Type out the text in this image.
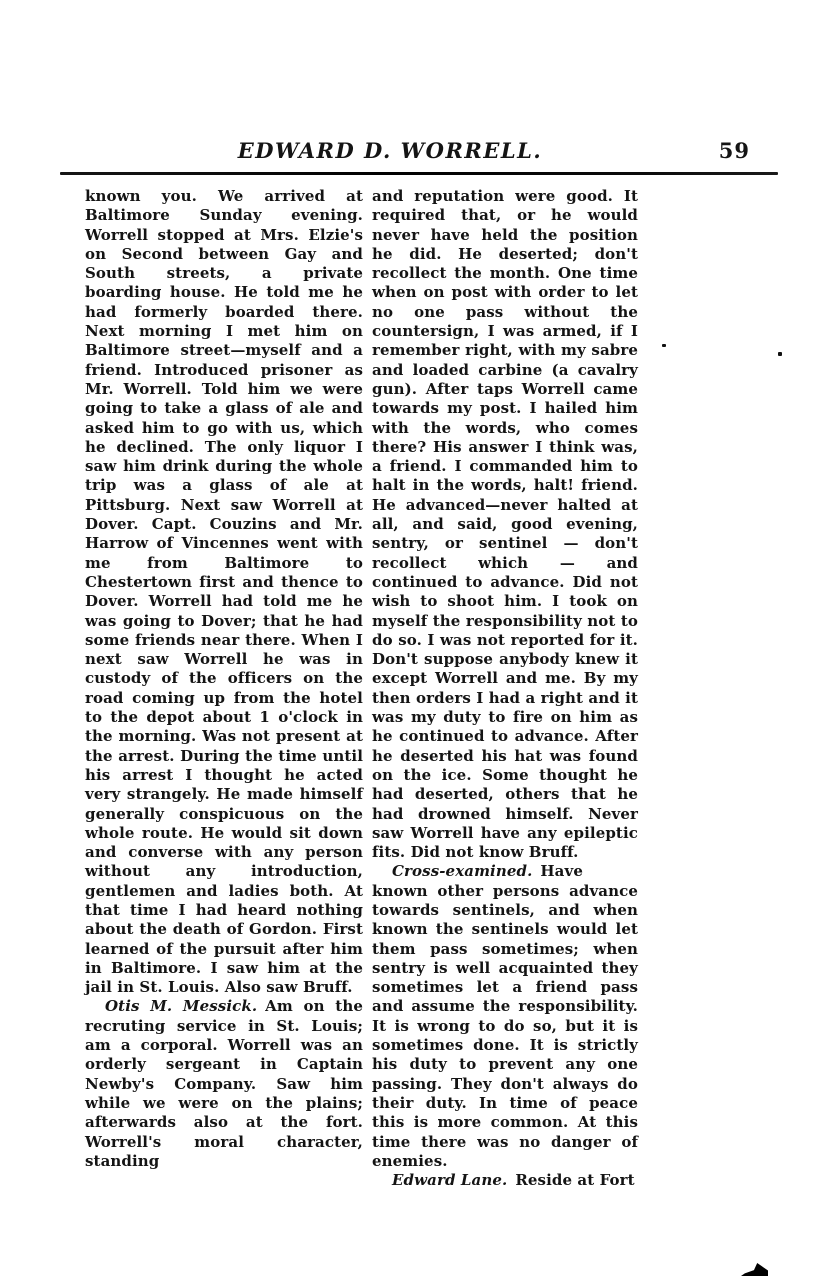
EDWARD D. WORRELL.	59

known you. We arrived at Baltimore Sunday evening. Worrell stopped at Mrs. Elzie's on Second between Gay and South streets, a private boarding house. He told me he had formerly boarded there. Next morning I met him on Baltimore street—myself and a friend. Introduced prisoner as Mr. Worrell. Told him we were going to take a glass of ale and asked him to go with us, which he declined. The only liquor I saw him drink during the whole trip was a glass of ale at Pittsburg. Next saw Worrell at Dover. Capt. Couzins and Mr. Harrow of Vincennes went with me from Baltimore to Chestertown first and thence to Dover. Worrell had told me he was going to Dover; that he had some friends near there. When I next saw Worrell he was in custody of the officers on the road coming up from the hotel to the depot about 1 o'clock in the morning. Was not present at the arrest. During the time until his arrest I thought he acted very strangely. He made himself generally conspicuous on the whole route. He would sit down and converse with any person without any introduction, gentlemen and ladies both. At that time I had heard nothing about the death of Gordon. First learned of the pursuit after him in Baltimore. I saw him at the jail in St. Louis. Also saw Bruff.

Otis M. Messick. Am on the recruting service in St. Louis; am a corporal. Worrell was an orderly sergeant in Captain Newby's Company. Saw him while we were on the plains; afterwards also at the fort. Worrell's moral character, standing

and reputation were good. It required that, or he would never have held the position he did. He deserted; don't recollect the month. One time when on post with order to let no one pass without the countersign, I was armed, if I remember right, with my sabre and loaded carbine (a cavalry gun). After taps Worrell came towards my post. I hailed him with the words, who comes there? His answer I think was, a friend. I commanded him to halt in the words, halt! friend. He advanced—never halted at all, and said, good evening, sentry, or sentinel — don't recollect which — and continued to advance. Did not wish to shoot him. I took on myself the responsibility not to do so. I was not reported for it. Don't suppose anybody knew it except Worrell and me. By my then orders I had a right and it was my duty to fire on him as he continued to advance. After he deserted his hat was found on the ice. Some thought he had deserted, others that he had drowned himself. Never saw Worrell have any epileptic fits. Did not know Bruff.

Cross-examined. Have known other persons advance towards sentinels, and when known the sentinels would let them pass sometimes; when sentry is well acquainted they sometimes let a friend pass and assume the responsibility. It is wrong to do so, but it is sometimes done. It is strictly his duty to prevent any one passing. They don't always do their duty. In time of peace this is more common. At this time there was no danger of enemies.

Edward Lane. Reside at Fort
